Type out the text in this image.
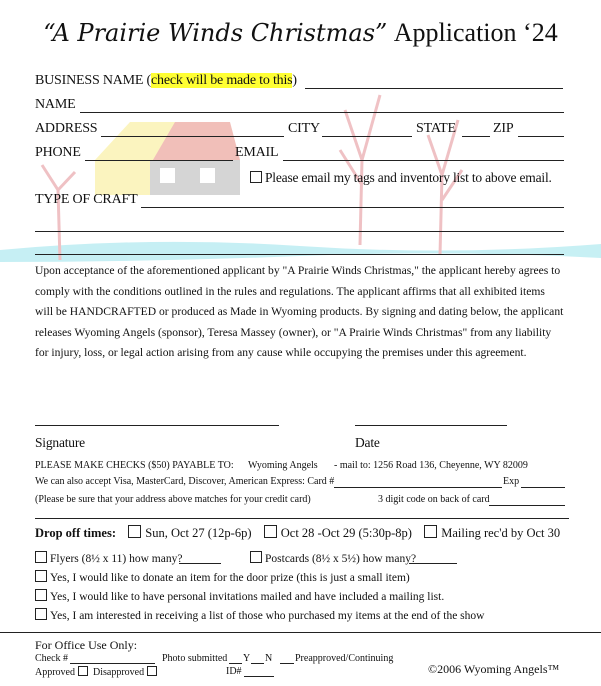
“A Prairie Winds Christmas” Application ‘24
BUSINESS NAME (check will be made to this)
NAME
ADDRESS	CITY	STATE	ZIP
PHONE	EMAIL
Please email my tags and inventory list to above email.
TYPE OF CRAFT

Upon acceptance of the aforementioned applicant by "A Prairie Winds Christmas," the applicant hereby agrees to comply with the conditions outlined in the rules and regulations. The applicant affirms that all exhibited items will be HANDCRAFTED or produced as Made in Wyoming products. By signing and dating below, the applicant releases Wyoming Angels (sponsor), Teresa Massey (owner), or "A Prairie Winds Christmas" from any liability for injury, loss, or legal action arising from any cause while occupying the premises under this agreement.

Signature	Date
PLEASE MAKE CHECKS ($50) PAYABLE TO: Wyoming Angels - mail to: 1256 Road 136, Cheyenne, WY 82009
We can also accept Visa, MasterCard, Discover, American Express: Card #	Exp
(Please be sure that your address above matches for your credit card)	3 digit code on back of card
Drop off times: Sun, Oct 27 (12p-6p) Oct 28 -Oct 29 (5:30p-8p) Mailing rec'd by Oct 30
Flyers (8½ x 11) how many?	Postcards (8½ x 5½) how many?
Yes, I would like to donate an item for the door prize (this is just a small item)
Yes, I would like to have personal invitations mailed and have included a mailing list.
Yes, I am interested in receiving a list of those who purchased my items at the end of the show
For Office Use Only:
Check #	Photo submitted Y N Preapproved/Continuing
Approved Disapproved	ID#	©2006 Wyoming Angels™
